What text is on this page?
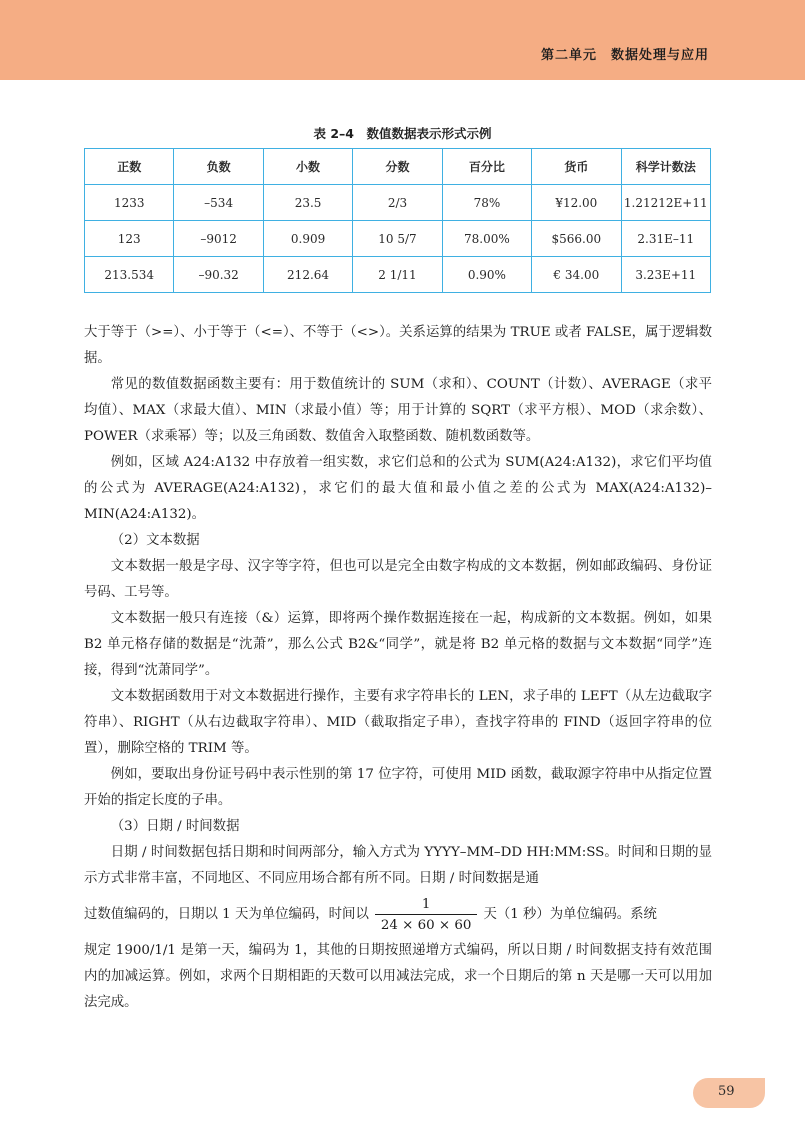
第二单元　数据处理与应用
表 2–4　数值数据表示形式示例
正数	负数	小数	分数	百分比	货币	科学计数法
1233	–534	23.5	2/3	78%	¥12.00	1.21212E+11
123	–9012	0.909	10 5/7	78.00%	$566.00	2.31E–11
213.534	–90.32	212.64	2 1/11	0.90%	€ 34.00	3.23E+11

大于等于（>=）、小于等于（<=）、不等于（<>）。关系运算的结果为 TRUE 或者 FALSE，属于逻辑数据。

常见的数值数据函数主要有：用于数值统计的 SUM（求和）、COUNT（计数）、AVERAGE（求平均值）、MAX（求最大值）、MIN（求最小值）等；用于计算的 SQRT（求平方根）、MOD（求余数）、POWER（求乘幂）等；以及三角函数、数值舍入取整函数、随机数函数等。

例如，区域 A24:A132 中存放着一组实数，求它们总和的公式为 SUM(A24:A132)，求它们平均值的公式为 AVERAGE(A24:A132)，求它们的最大值和最小值之差的公式为 MAX(A24:A132)–MIN(A24:A132)。

（2）文本数据

文本数据一般是字母、汉字等字符，但也可以是完全由数字构成的文本数据，例如邮政编码、身份证号码、工号等。

文本数据一般只有连接（&）运算，即将两个操作数据连接在一起，构成新的文本数据。例如，如果 B2 单元格存储的数据是“沈萧”，那么公式 B2&“同学”，就是将 B2 单元格的数据与文本数据“同学”连接，得到“沈萧同学”。

文本数据函数用于对文本数据进行操作，主要有求字符串长的 LEN，求子串的 LEFT（从左边截取字符串）、RIGHT（从右边截取字符串）、MID（截取指定子串），查找字符串的 FIND（返回字符串的位置），删除空格的 TRIM 等。

例如，要取出身份证号码中表示性别的第 17 位字符，可使用 MID 函数，截取源字符串中从指定位置开始的指定长度的子串。

（3）日期 / 时间数据

日期 / 时间数据包括日期和时间两部分，输入方式为 YYYY–MM–DD HH:MM:SS。时间和日期的显示方式非常丰富，不同地区、不同应用场合都有所不同。日期 / 时间数据是通

过数值编码的，日期以 1 天为单位编码，时间以 $\frac{1}{24 \times 60 \times 60}$ 天（1 秒）为单位编码。系统

规定 1900/1/1 是第一天，编码为 1，其他的日期按照递增方式编码，所以日期 / 时间数据支持有效范围内的加减运算。例如，求两个日期相距的天数可以用减法完成，求一个日期后的第 n 天是哪一天可以用加法完成。

59
